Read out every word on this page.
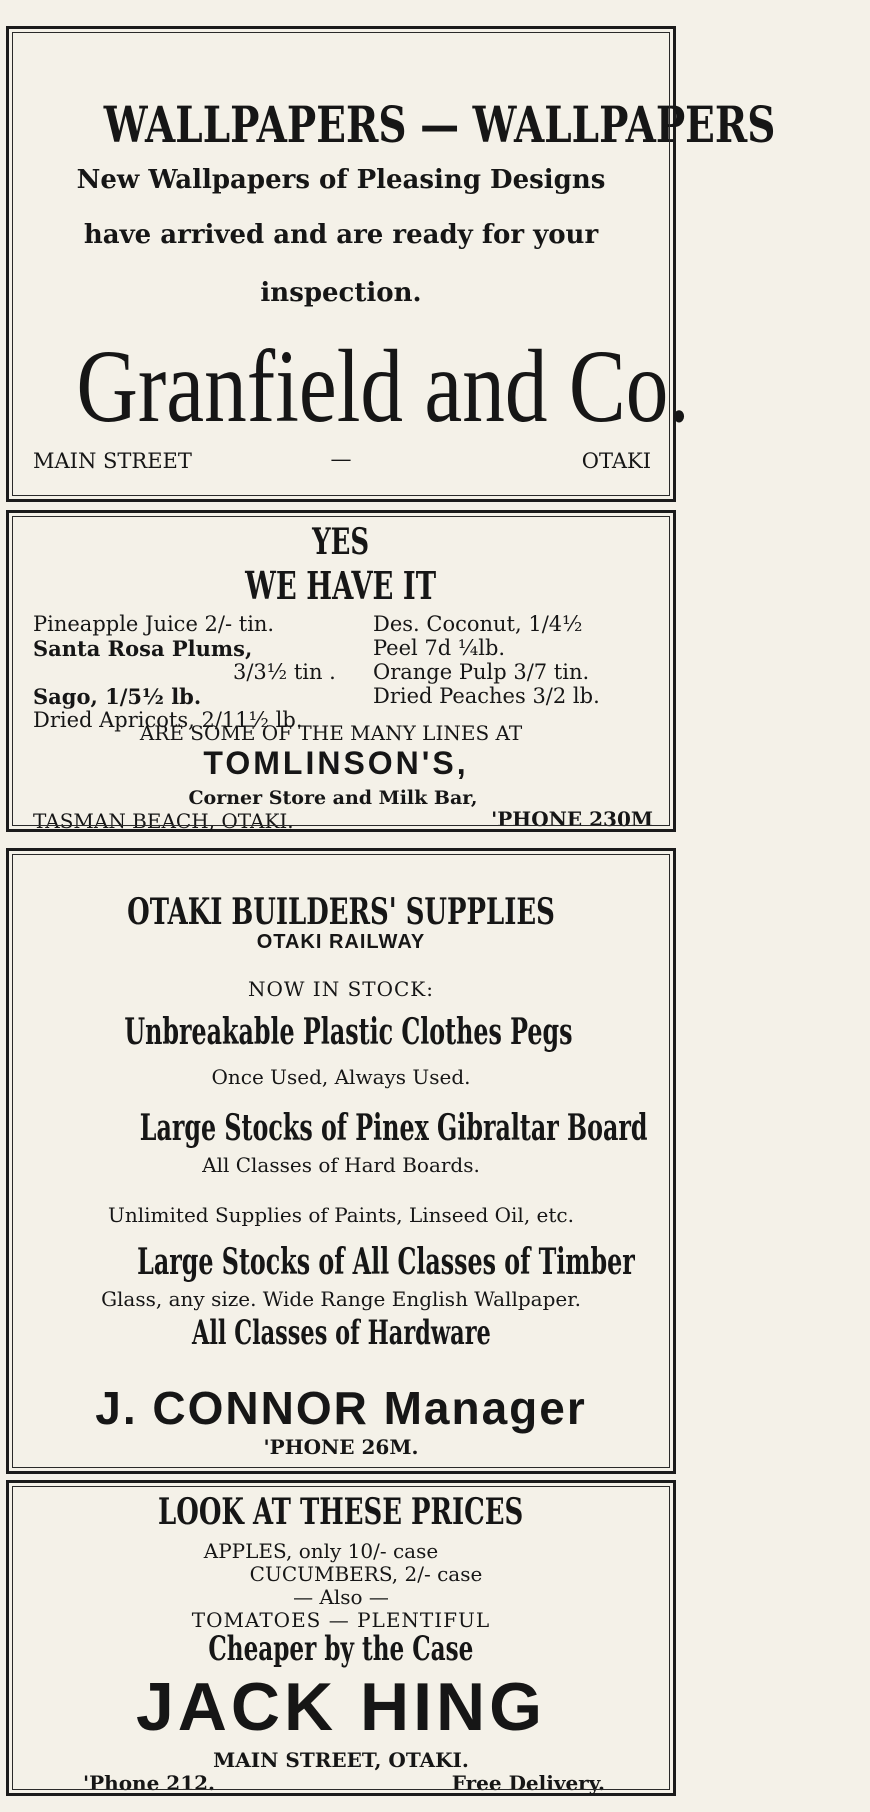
WALLPAPERS — WALLPAPERS
New Wallpapers of Pleasing Designs
have arrived and are ready for your
inspection.
Granfield and Co.
MAIN STREET	—	OTAKI
YES
WE HAVE IT
Pineapple Juice 2/- tin.
Santa Rosa Plums,
3/3½ tin .
Sago, 1/5½ lb.
Dried Apricots, 2/11½ lb.
Des. Coconut, 1/4½
Peel 7d ¼lb.
Orange Pulp 3/7 tin.
Dried Peaches 3/2 lb.
ARE SOME OF THE MANY LINES AT
TOMLINSON'S,
Corner Store and Milk Bar,
TASMAN BEACH, OTAKI.	'PHONE 230M
OTAKI BUILDERS' SUPPLIES
OTAKI RAILWAY
NOW IN STOCK:
Unbreakable Plastic Clothes Pegs
Once Used, Always Used.
Large Stocks of Pinex Gibraltar Board
All Classes of Hard Boards.
Unlimited Supplies of Paints, Linseed Oil, etc.
Large Stocks of All Classes of Timber
Glass, any size. Wide Range English Wallpaper.
All Classes of Hardware
J. CONNOR Manager
'PHONE 26M.
LOOK AT THESE PRICES
APPLES, only 10/- case
CUCUMBERS, 2/- case
— Also —
TOMATOES — PLENTIFUL
Cheaper by the Case
JACK HING
MAIN STREET, OTAKI.
'Phone 212.	Free Delivery.
